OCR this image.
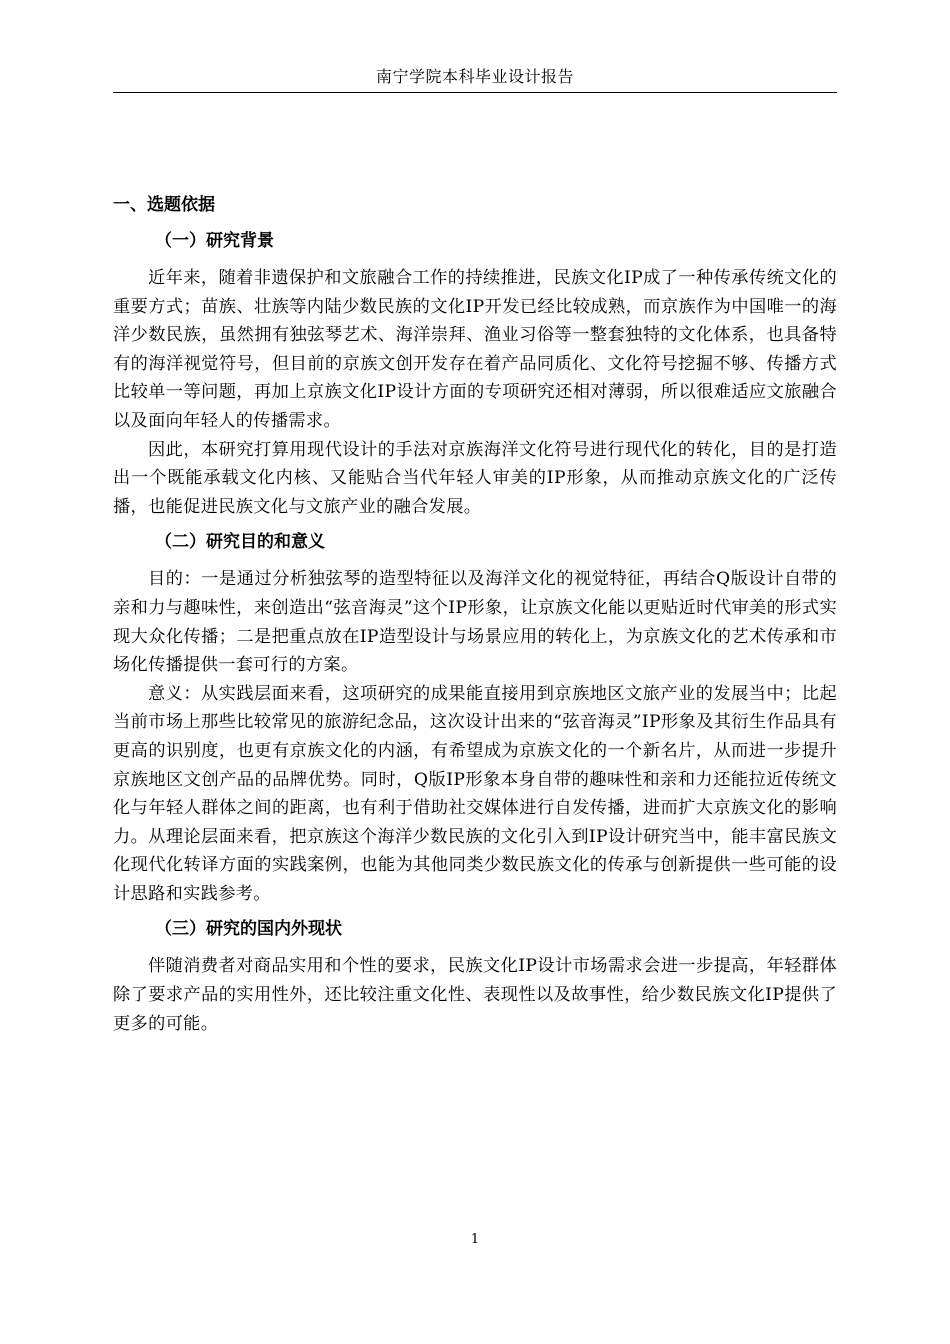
南宁学院本科毕业设计报告

一、选题依据

（一）研究背景

近年来，随着非遗保护和文旅融合工作的持续推进，民族文化IP成了一种传承传统文化的重要方式；苗族、壮族等内陆少数民族的文化IP开发已经比较成熟，而京族作为中国唯一的海洋少数民族，虽然拥有独弦琴艺术、海洋崇拜、渔业习俗等一整套独特的文化体系，也具备特有的海洋视觉符号，但目前的京族文创开发存在着产品同质化、文化符号挖掘不够、传播方式比较单一等问题，再加上京族文化IP设计方面的专项研究还相对薄弱，所以很难适应文旅融合以及面向年轻人的传播需求。

因此，本研究打算用现代设计的手法对京族海洋文化符号进行现代化的转化，目的是打造出一个既能承载文化内核、又能贴合当代年轻人审美的IP形象，从而推动京族文化的广泛传播，也能促进民族文化与文旅产业的融合发展。

（二）研究目的和意义

目的：一是通过分析独弦琴的造型特征以及海洋文化的视觉特征，再结合Q版设计自带的亲和力与趣味性，来创造出“弦音海灵”这个IP形象，让京族文化能以更贴近时代审美的形式实现大众化传播；二是把重点放在IP造型设计与场景应用的转化上，为京族文化的艺术传承和市场化传播提供一套可行的方案。

意义：从实践层面来看，这项研究的成果能直接用到京族地区文旅产业的发展当中；比起当前市场上那些比较常见的旅游纪念品，这次设计出来的“弦音海灵”IP形象及其衍生作品具有更高的识别度，也更有京族文化的内涵，有希望成为京族文化的一个新名片，从而进一步提升京族地区文创产品的品牌优势。同时，Q版IP形象本身自带的趣味性和亲和力还能拉近传统文化与年轻人群体之间的距离，也有利于借助社交媒体进行自发传播，进而扩大京族文化的影响力。从理论层面来看，把京族这个海洋少数民族的文化引入到IP设计研究当中，能丰富民族文化现代化转译方面的实践案例，也能为其他同类少数民族文化的传承与创新提供一些可能的设计思路和实践参考。

（三）研究的国内外现状

伴随消费者对商品实用和个性的要求，民族文化IP设计市场需求会进一步提高，年轻群体除了要求产品的实用性外，还比较注重文化性、表现性以及故事性，给少数民族文化IP提供了更多的可能。

1
